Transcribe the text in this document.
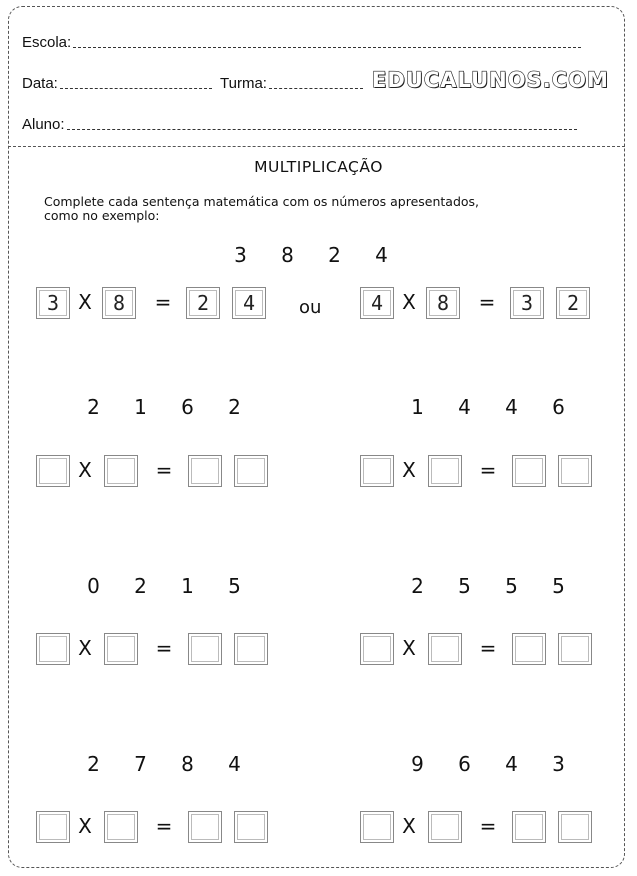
Escola:
Data:	Turma:	EDUCALUNOS.COM
Aluno:
MULTIPLICAÇÃO
Complete cada sentença matemática com os números apresentados,
como no exemplo:
3	8	2	4
3 X	8	=	2	4	ou	4 X	8	=	3	2
2	1	6	2
X	=
1	4	4	6
X	=
0	2	1	5
X	=
2	5	5	5
X	=
2	7	8	4
X	=
9	6	4	3
X	=
